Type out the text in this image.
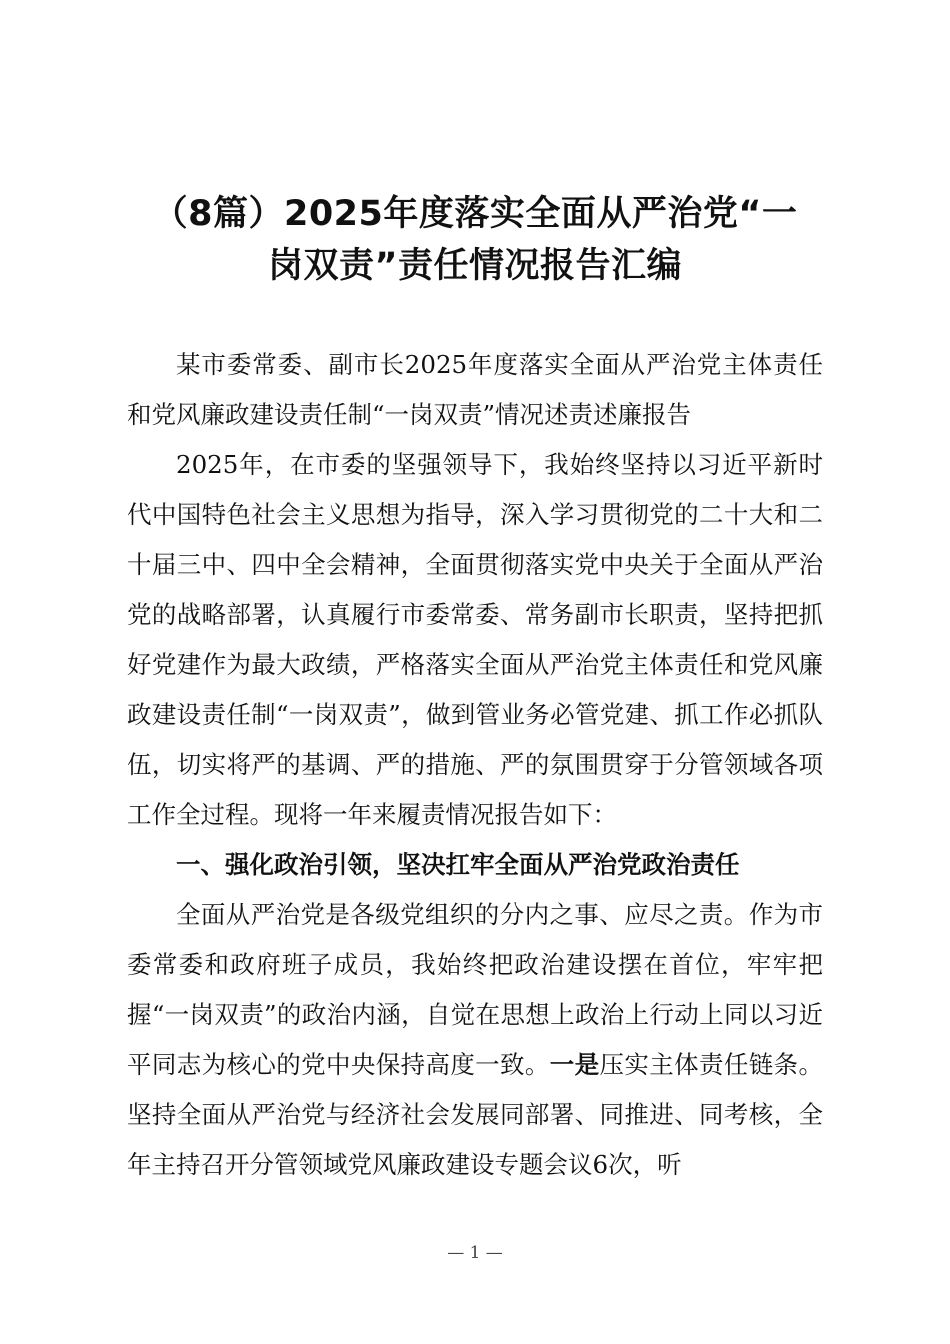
（8篇）2025年度落实全面从严治党“一
岗双责”责任情况报告汇编

某市委常委、副市长2025年度落实全面从严治党主体责任和党风廉政建设责任制“一岗双责”情况述责述廉报告

2025年，在市委的坚强领导下，我始终坚持以习近平新时代中国特色社会主义思想为指导，深入学习贯彻党的二十大和二十届三中、四中全会精神，全面贯彻落实党中央关于全面从严治党的战略部署，认真履行市委常委、常务副市长职责，坚持把抓好党建作为最大政绩，严格落实全面从严治党主体责任和党风廉政建设责任制“一岗双责”，做到管业务必管党建、抓工作必抓队伍，切实将严的基调、严的措施、严的氛围贯穿于分管领域各项工作全过程。现将一年来履责情况报告如下：

一、强化政治引领，坚决扛牢全面从严治党政治责任

全面从严治党是各级党组织的分内之事、应尽之责。作为市委常委和政府班子成员，我始终把政治建设摆在首位，牢牢把握“一岗双责”的政治内涵，自觉在思想上政治上行动上同以习近平同志为核心的党中央保持高度一致。一是压实主体责任链条。坚持全面从严治党与经济社会发展同部署、同推进、同考核，全年主持召开分管领域党风廉政建设专题会议6次，听

— 1 —
